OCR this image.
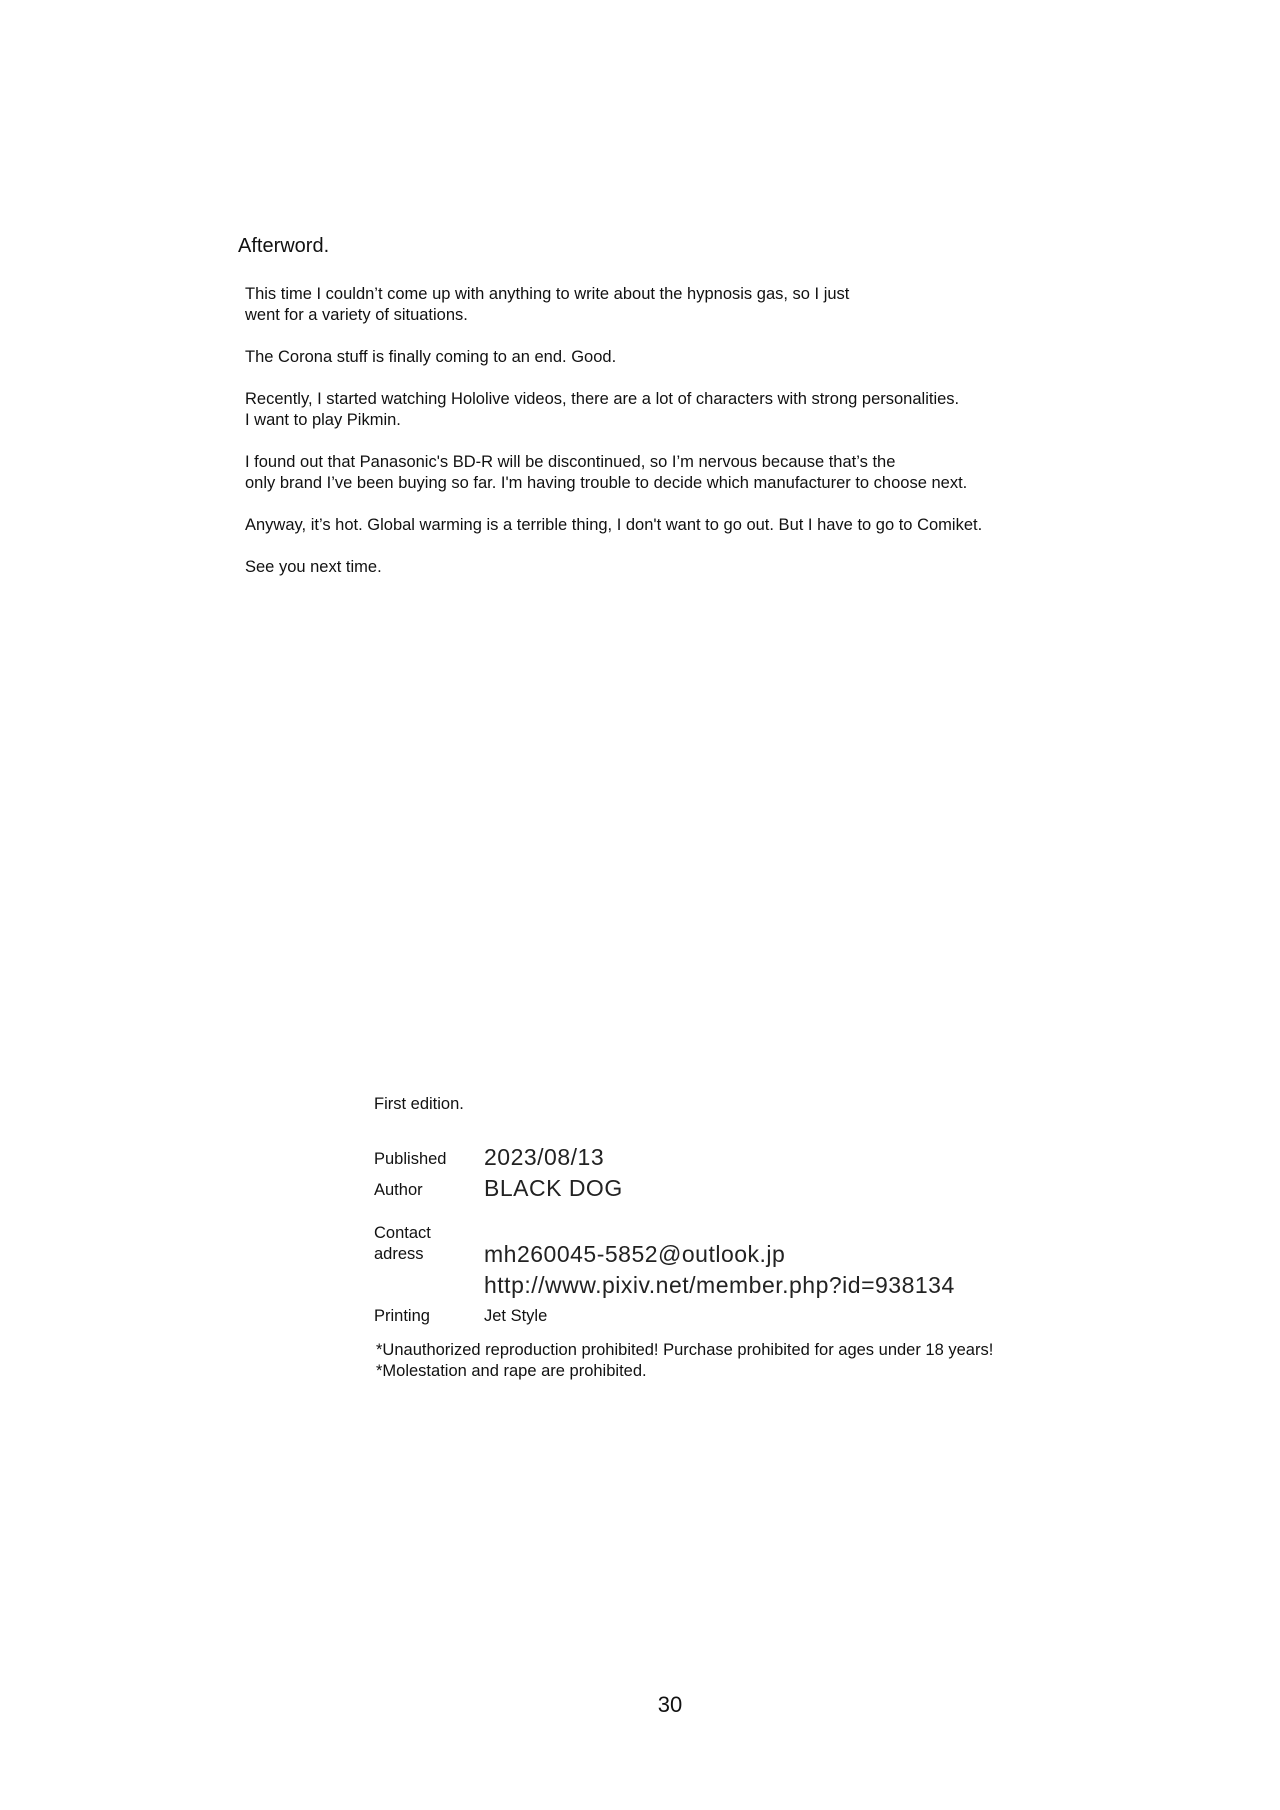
Afterword.

This time I couldn’t come up with anything to write about the hypnosis gas, so I just
went for a variety of situations.

The Corona stuff is finally coming to an end. Good.

Recently, I started watching Hololive videos, there are a lot of characters with strong personalities.
I want to play Pikmin.

I found out that Panasonic's BD-R will be discontinued, so I’m nervous because that’s the
only brand I’ve been buying so far. I'm having trouble to decide which manufacturer to choose next.

Anyway, it’s hot. Global warming is a terrible thing, I don't want to go out. But I have to go to Comiket.

See you next time.

First edition.
Published 2023/08/13
Author	BLACK DOG
Contact
adress	mh260045-5852@outlook.jp
http://www.pixiv.net/member.php?id=938134
Printing	Jet Style
*Unauthorized reproduction prohibited! Purchase prohibited for ages under 18 years!
*Molestation and rape are prohibited.
30
